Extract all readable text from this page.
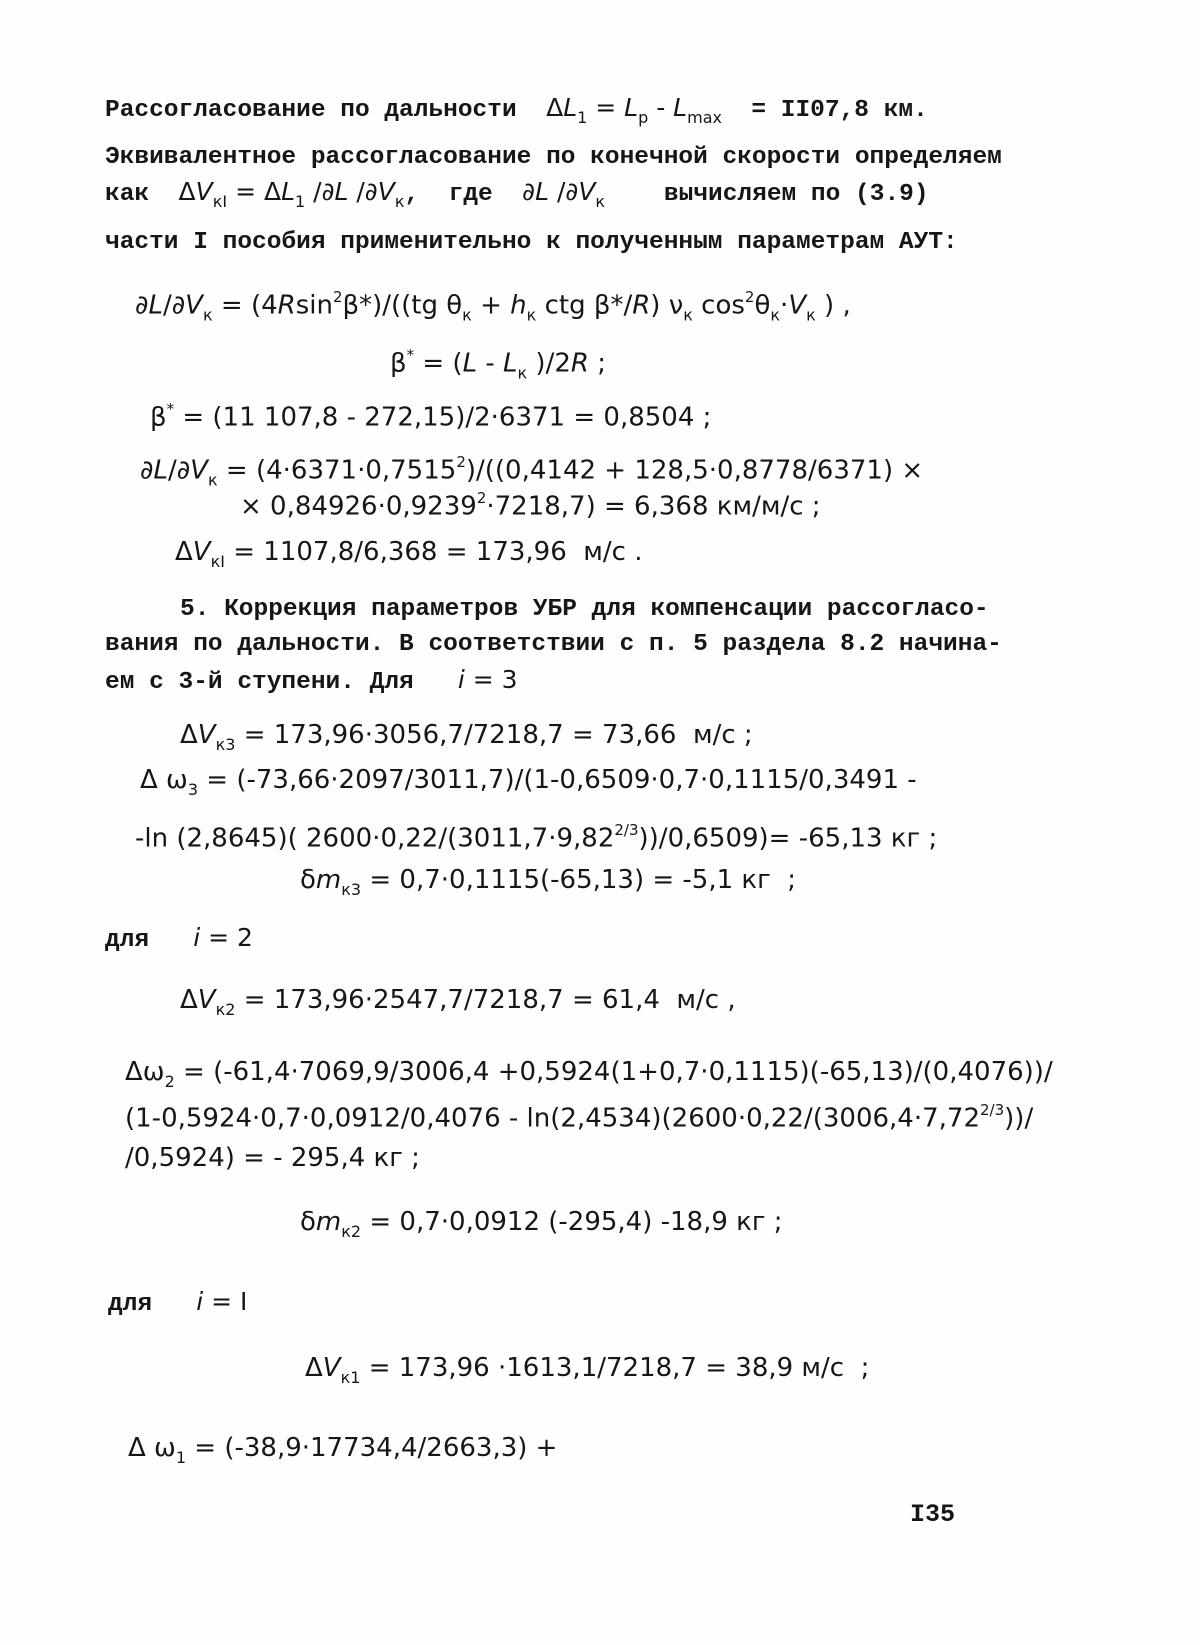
Рассогласование по дальности  $\Delta L_1 = L_р - L_{max} = II07,8$ км.
Эквивалентное рассогласование по конечной скорости определяем
как  $\Delta V_{кI} = \Delta L_1$ /∂L $/\partial V_к$,  где  ∂L $/\partial V_к$    вычисляем по (3.9)
части I пособия применительно к полученным параметрам АУТ:
$\partial L/\partial V_к = (4Rsin^2\beta*)/((tg$ $\theta_к + h_к$ ctg β*/R) $\nu_к$ $\cos^2\theta_к\cdot V_к$ ) ,
$\beta^* = (L - L_к$ )/2R ;
β* = (11 107,8 - 272,15)/2·6371 = 0,8504 ;
$\partial L/\partial V_к = (4\cdot 6371\cdot 0,7515^2)/((0,4142 + 128,5\cdot 0,8778/6371)$ ×
× $0,84926\cdot 0,9239^2\cdot 7218,7) = 6,368$ км/м/с ;
$\Delta V_{кI} = 1107,8/6,368 = 173,96$  м/с .
5. Коррекция параметров УБР для компенсации рассогласо-
вания по дальности. В соответствии с п. 5 раздела 8.2 начина-
ем с 3-й ступени. Для   i = 3
$\Delta V_{к3} = 173,96\cdot 3056,7/7218,7 = 73,66$  м/с ;
Δ $\omega_3 = (-73,66\cdot 2097/3011,7)/(1-0,6509\cdot 0,7\cdot 0,1115/0,3491$ -
-ln (2,8645)( $2600\cdot 0,22/(3011,7\cdot 9,82^{2/3}))/0,6509)= -65,13$ кг ;
$\delta m_{к3} = 0,7\cdot 0,1115(-65,13) = -5,1$ кг  ;
для   i = 2
$\Delta V_{к2} = 173,96\cdot 2547,7/7218,7 = 61,4$  м/с ,
$\Delta\omega_2 = (-61,4\cdot 7069,9/3006,4 +0,5924(1+0,7\cdot 0,1115)(-65,13)/(0,4076))/$
($1-0,5924\cdot 0,7\cdot 0,0912/0,4076 - \ln(2,4534)(2600\cdot 0,22/(3006,4\cdot 7,72^{2/3}))/$
/0,5924) = - 295,4 кг ;
$\delta m_{к2} = 0,7\cdot 0,0912$ (-295,4) -18,9 кг ;
для   i = I
$\Delta V_{к1} = 173,96 \cdot 1613,1/7218,7 = 38,9$ м/с  ;
Δ $\omega_1 = (-38,9\cdot 17734,4/2663,3)$ +
I35
